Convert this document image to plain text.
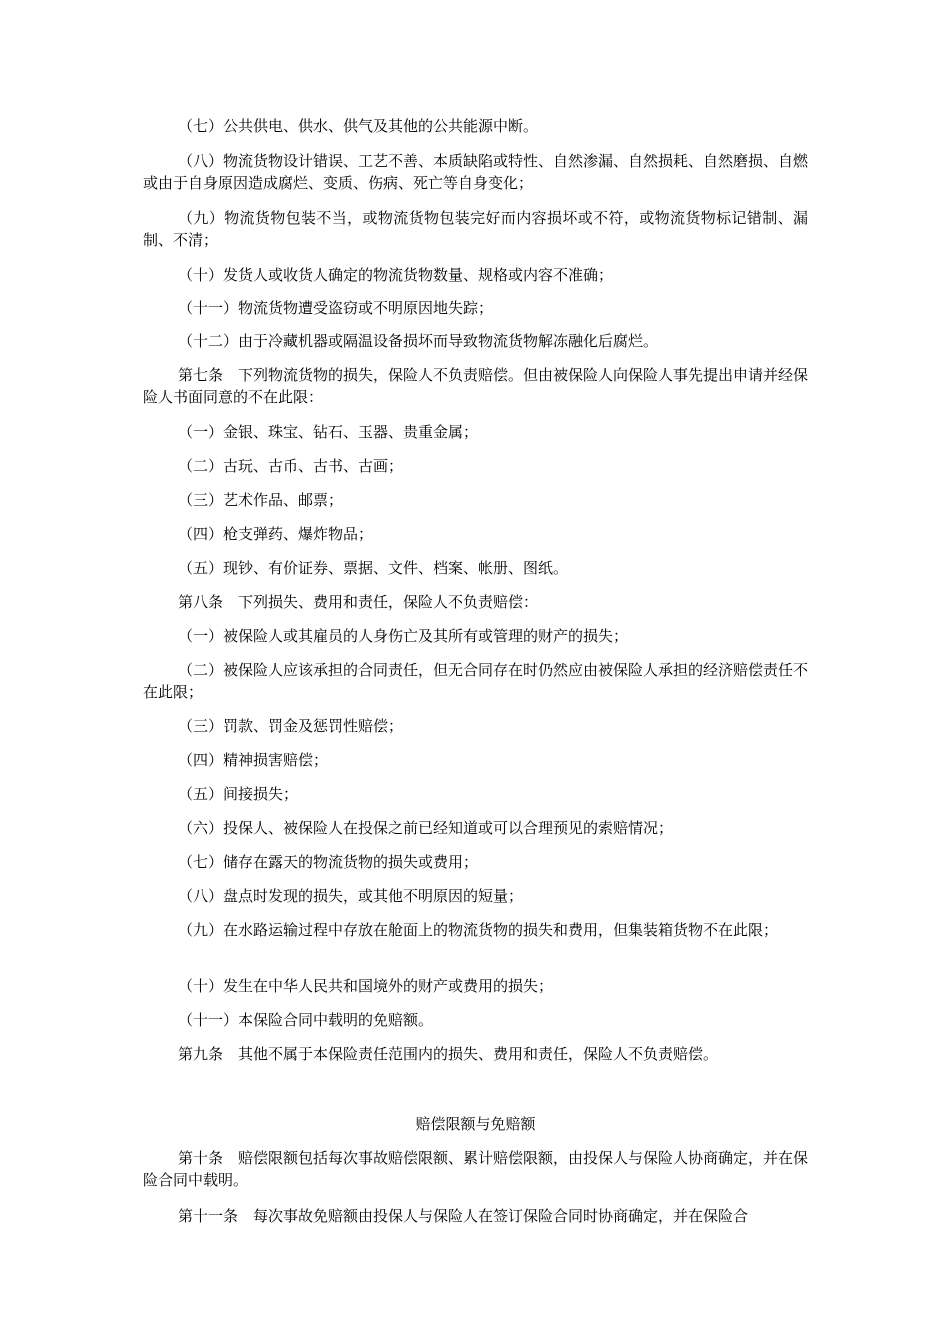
（七）公共供电、供水、供气及其他的公共能源中断。

（八）物流货物设计错误、工艺不善、本质缺陷或特性、自然渗漏、自然损耗、自然磨损、自燃或由于自身原因造成腐烂、变质、伤病、死亡等自身变化；

（九）物流货物包装不当，或物流货物包装完好而内容损坏或不符，或物流货物标记错制、漏制、不清；

（十）发货人或收货人确定的物流货物数量、规格或内容不准确；

（十一）物流货物遭受盗窃或不明原因地失踪；

（十二）由于冷藏机器或隔温设备损坏而导致物流货物解冻融化后腐烂。

第七条　下列物流货物的损失，保险人不负责赔偿。但由被保险人向保险人事先提出申请并经保险人书面同意的不在此限：

（一）金银、珠宝、钻石、玉器、贵重金属；

（二）古玩、古币、古书、古画；

（三）艺术作品、邮票；

（四）枪支弹药、爆炸物品；

（五）现钞、有价证券、票据、文件、档案、帐册、图纸。

第八条　下列损失、费用和责任，保险人不负责赔偿：

（一）被保险人或其雇员的人身伤亡及其所有或管理的财产的损失；

（二）被保险人应该承担的合同责任，但无合同存在时仍然应由被保险人承担的经济赔偿责任不在此限；

（三）罚款、罚金及惩罚性赔偿；

（四）精神损害赔偿；

（五）间接损失；

（六）投保人、被保险人在投保之前已经知道或可以合理预见的索赔情况；

（七）储存在露天的物流货物的损失或费用；

（八）盘点时发现的损失，或其他不明原因的短量；

（九）在水路运输过程中存放在舱面上的物流货物的损失和费用，但集装箱货物不在此限；

（十）发生在中华人民共和国境外的财产或费用的损失；

（十一）本保险合同中载明的免赔额。

第九条　其他不属于本保险责任范围内的损失、费用和责任，保险人不负责赔偿。

赔偿限额与免赔额

第十条　赔偿限额包括每次事故赔偿限额、累计赔偿限额，由投保人与保险人协商确定，并在保险合同中载明。

第十一条　每次事故免赔额由投保人与保险人在签订保险合同时协商确定，并在保险合
